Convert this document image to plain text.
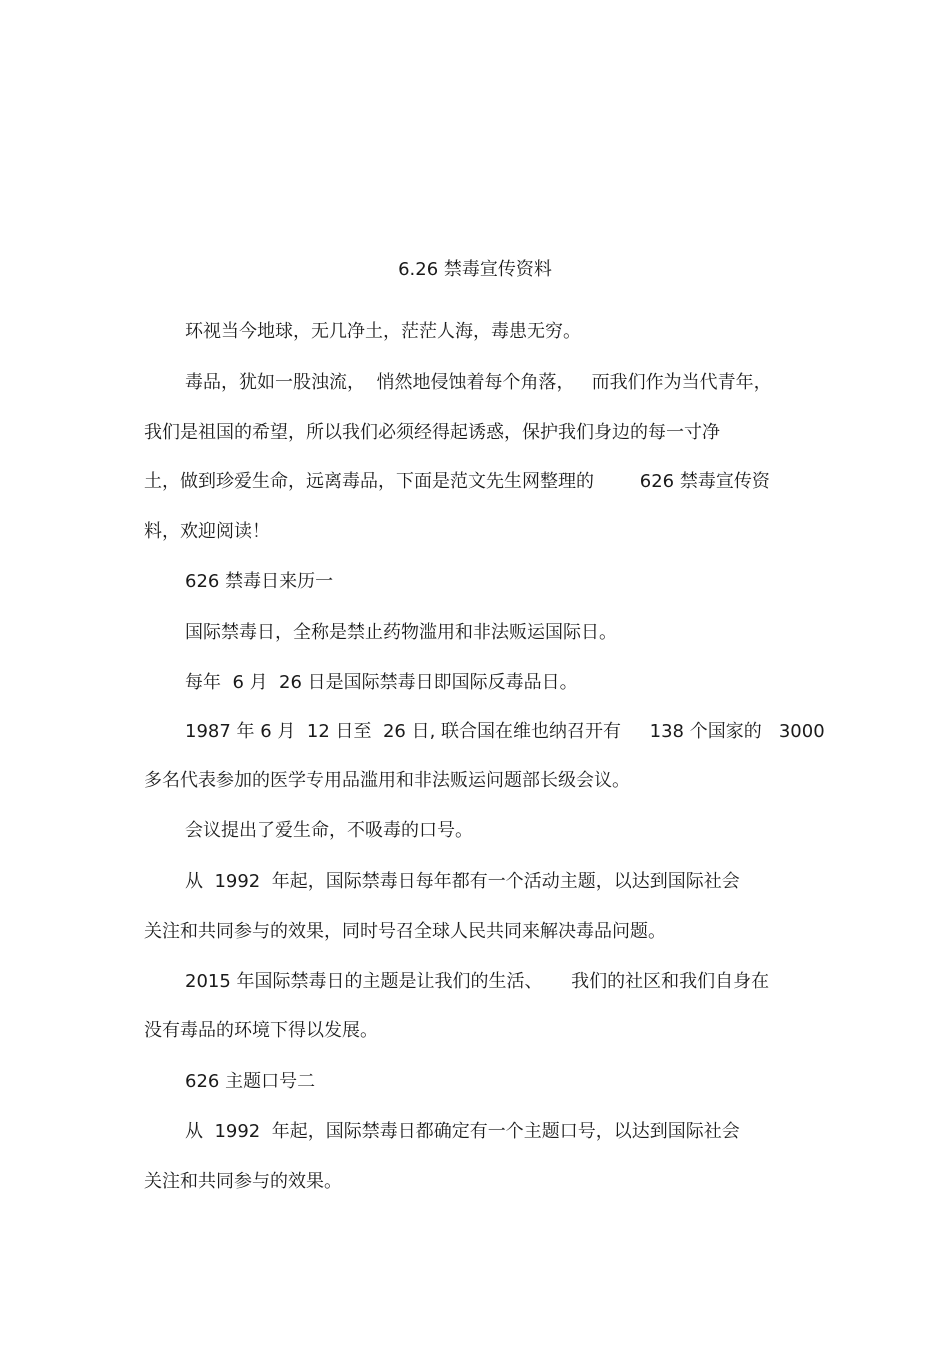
6.26 禁毒宣传资料

环视当今地球，无几净土，茫茫人海，毒患无穷。

毒品，犹如一股浊流，  悄然地侵蚀着每个角落，   而我们作为当代青年，

我们是祖国的希望，所以我们必须经得起诱惑，保护我们身边的每一寸净

土，做到珍爱生命，远离毒品，下面是范文先生网整理的        626 禁毒宣传资

料，欢迎阅读！

626 禁毒日来历一

国际禁毒日，全称是禁止药物滥用和非法贩运国际日。

每年  6 月  26 日是国际禁毒日即国际反毒品日。

1987 年 6 月  12 日至  26 日, 联合国在维也纳召开有     138 个国家的   3000

多名代表参加的医学专用品滥用和非法贩运问题部长级会议。

会议提出了爱生命，不吸毒的口号。

从  1992  年起，国际禁毒日每年都有一个活动主题，以达到国际社会

关注和共同参与的效果，同时号召全球人民共同来解决毒品问题。

2015 年国际禁毒日的主题是让我们的生活、     我们的社区和我们自身在

没有毒品的环境下得以发展。

626 主题口号二

从  1992  年起，国际禁毒日都确定有一个主题口号，以达到国际社会

关注和共同参与的效果。
